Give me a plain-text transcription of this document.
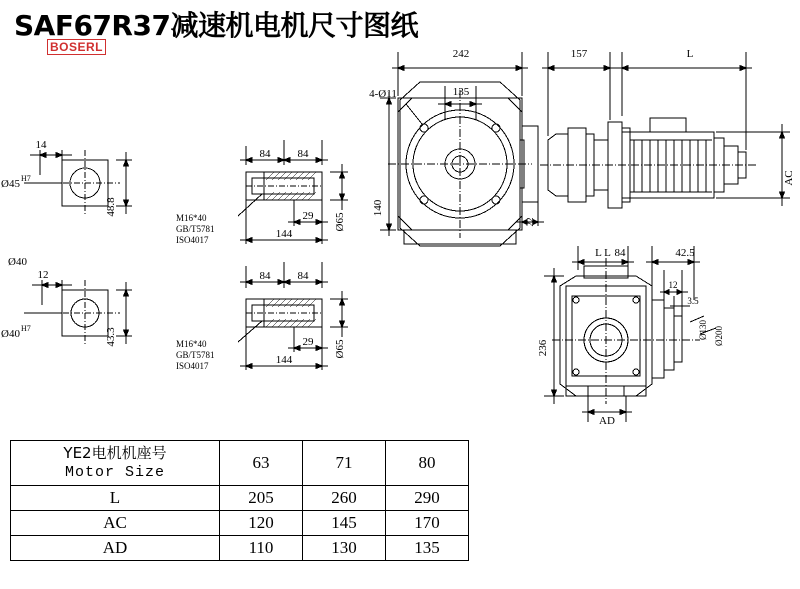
SAF67R37减速机电机尺寸图纸
BOSERL	242	157	L
135
4-Ø11
140
22
AC
14
Ø45 H7
48.8
Ø40
12
Ø40 H7	43.3
84 84
29
144
Ø65
M16*40
GB/T5781
ISO4017
84 84
29
144
Ø65
M16*40
GB/T5781
ISO4017
L L 84	42.5
12
3.5
236
Ø130 Ø200
AD
YE2电机机座号
Motor Size	63	71	80
L	205	260	290
AC	120	145	170
AD	110	130	135
